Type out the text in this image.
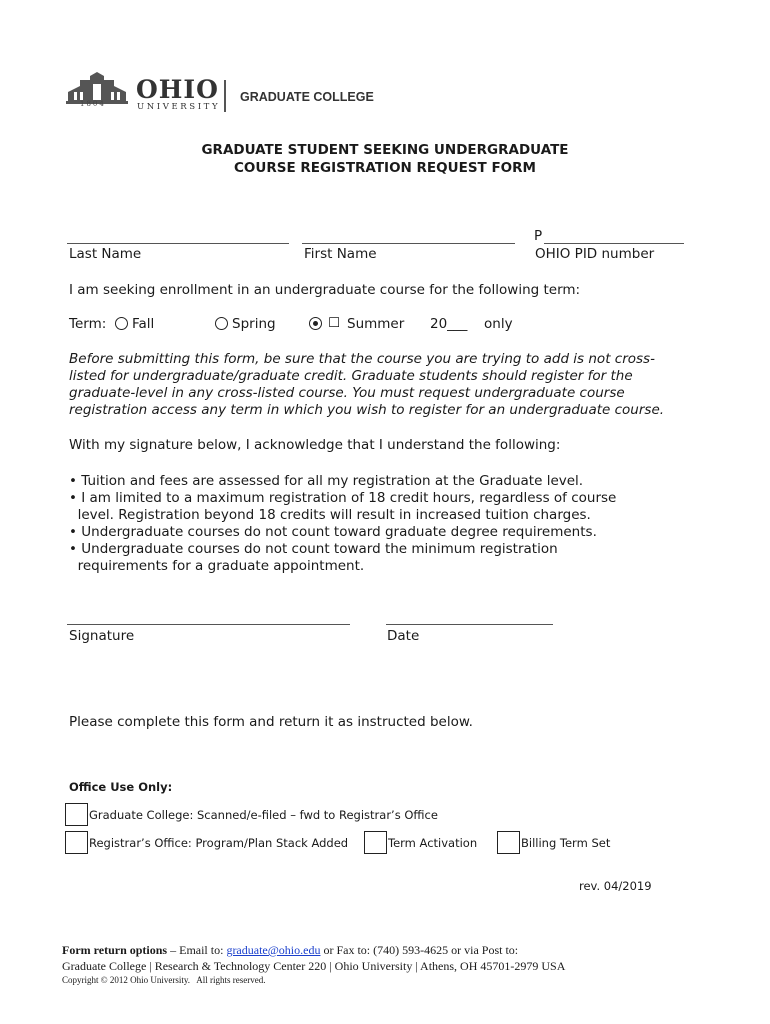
1804 OHIO
UNIVERSITY
GRADUATE COLLEGE
GRADUATE STUDENT SEEKING UNDERGRADUATE
COURSE REGISTRATION REQUEST FORM
Last Name	First Name
P
OHIO PID number
I am seeking enrollment in an undergraduate course for the following term:
Term: Fall	Spring	☐ Summer 20___ only
Before submitting this form, be sure that the course you are trying to add is not cross-
listed for undergraduate/graduate credit. Graduate students should register for the
graduate-level in any cross-listed course. You must request undergraduate course
registration access any term in which you wish to register for an undergraduate course.
With my signature below, I acknowledge that I understand the following:
• Tuition and fees are assessed for all my registration at the Graduate level.
• I am limited to a maximum registration of 18 credit hours, regardless of course
level. Registration beyond 18 credits will result in increased tuition charges.
• Undergraduate courses do not count toward graduate degree requirements.
• Undergraduate courses do not count toward the minimum registration
requirements for a graduate appointment.
Signature	Date
Please complete this form and return it as instructed below.
Office Use Only:
Graduate College: Scanned/e-filed – fwd to Registrar’s Office
Registrar’s Office: Program/Plan Stack Added	Term Activation	Billing Term Set
rev. 04/2019
Form return options – Email to: graduate@ohio.edu or Fax to: (740) 593-4625 or via Post to:
Graduate College | Research & Technology Center 220 | Ohio University | Athens, OH 45701-2979 USA
Copyright © 2012 Ohio University.   All rights reserved.
